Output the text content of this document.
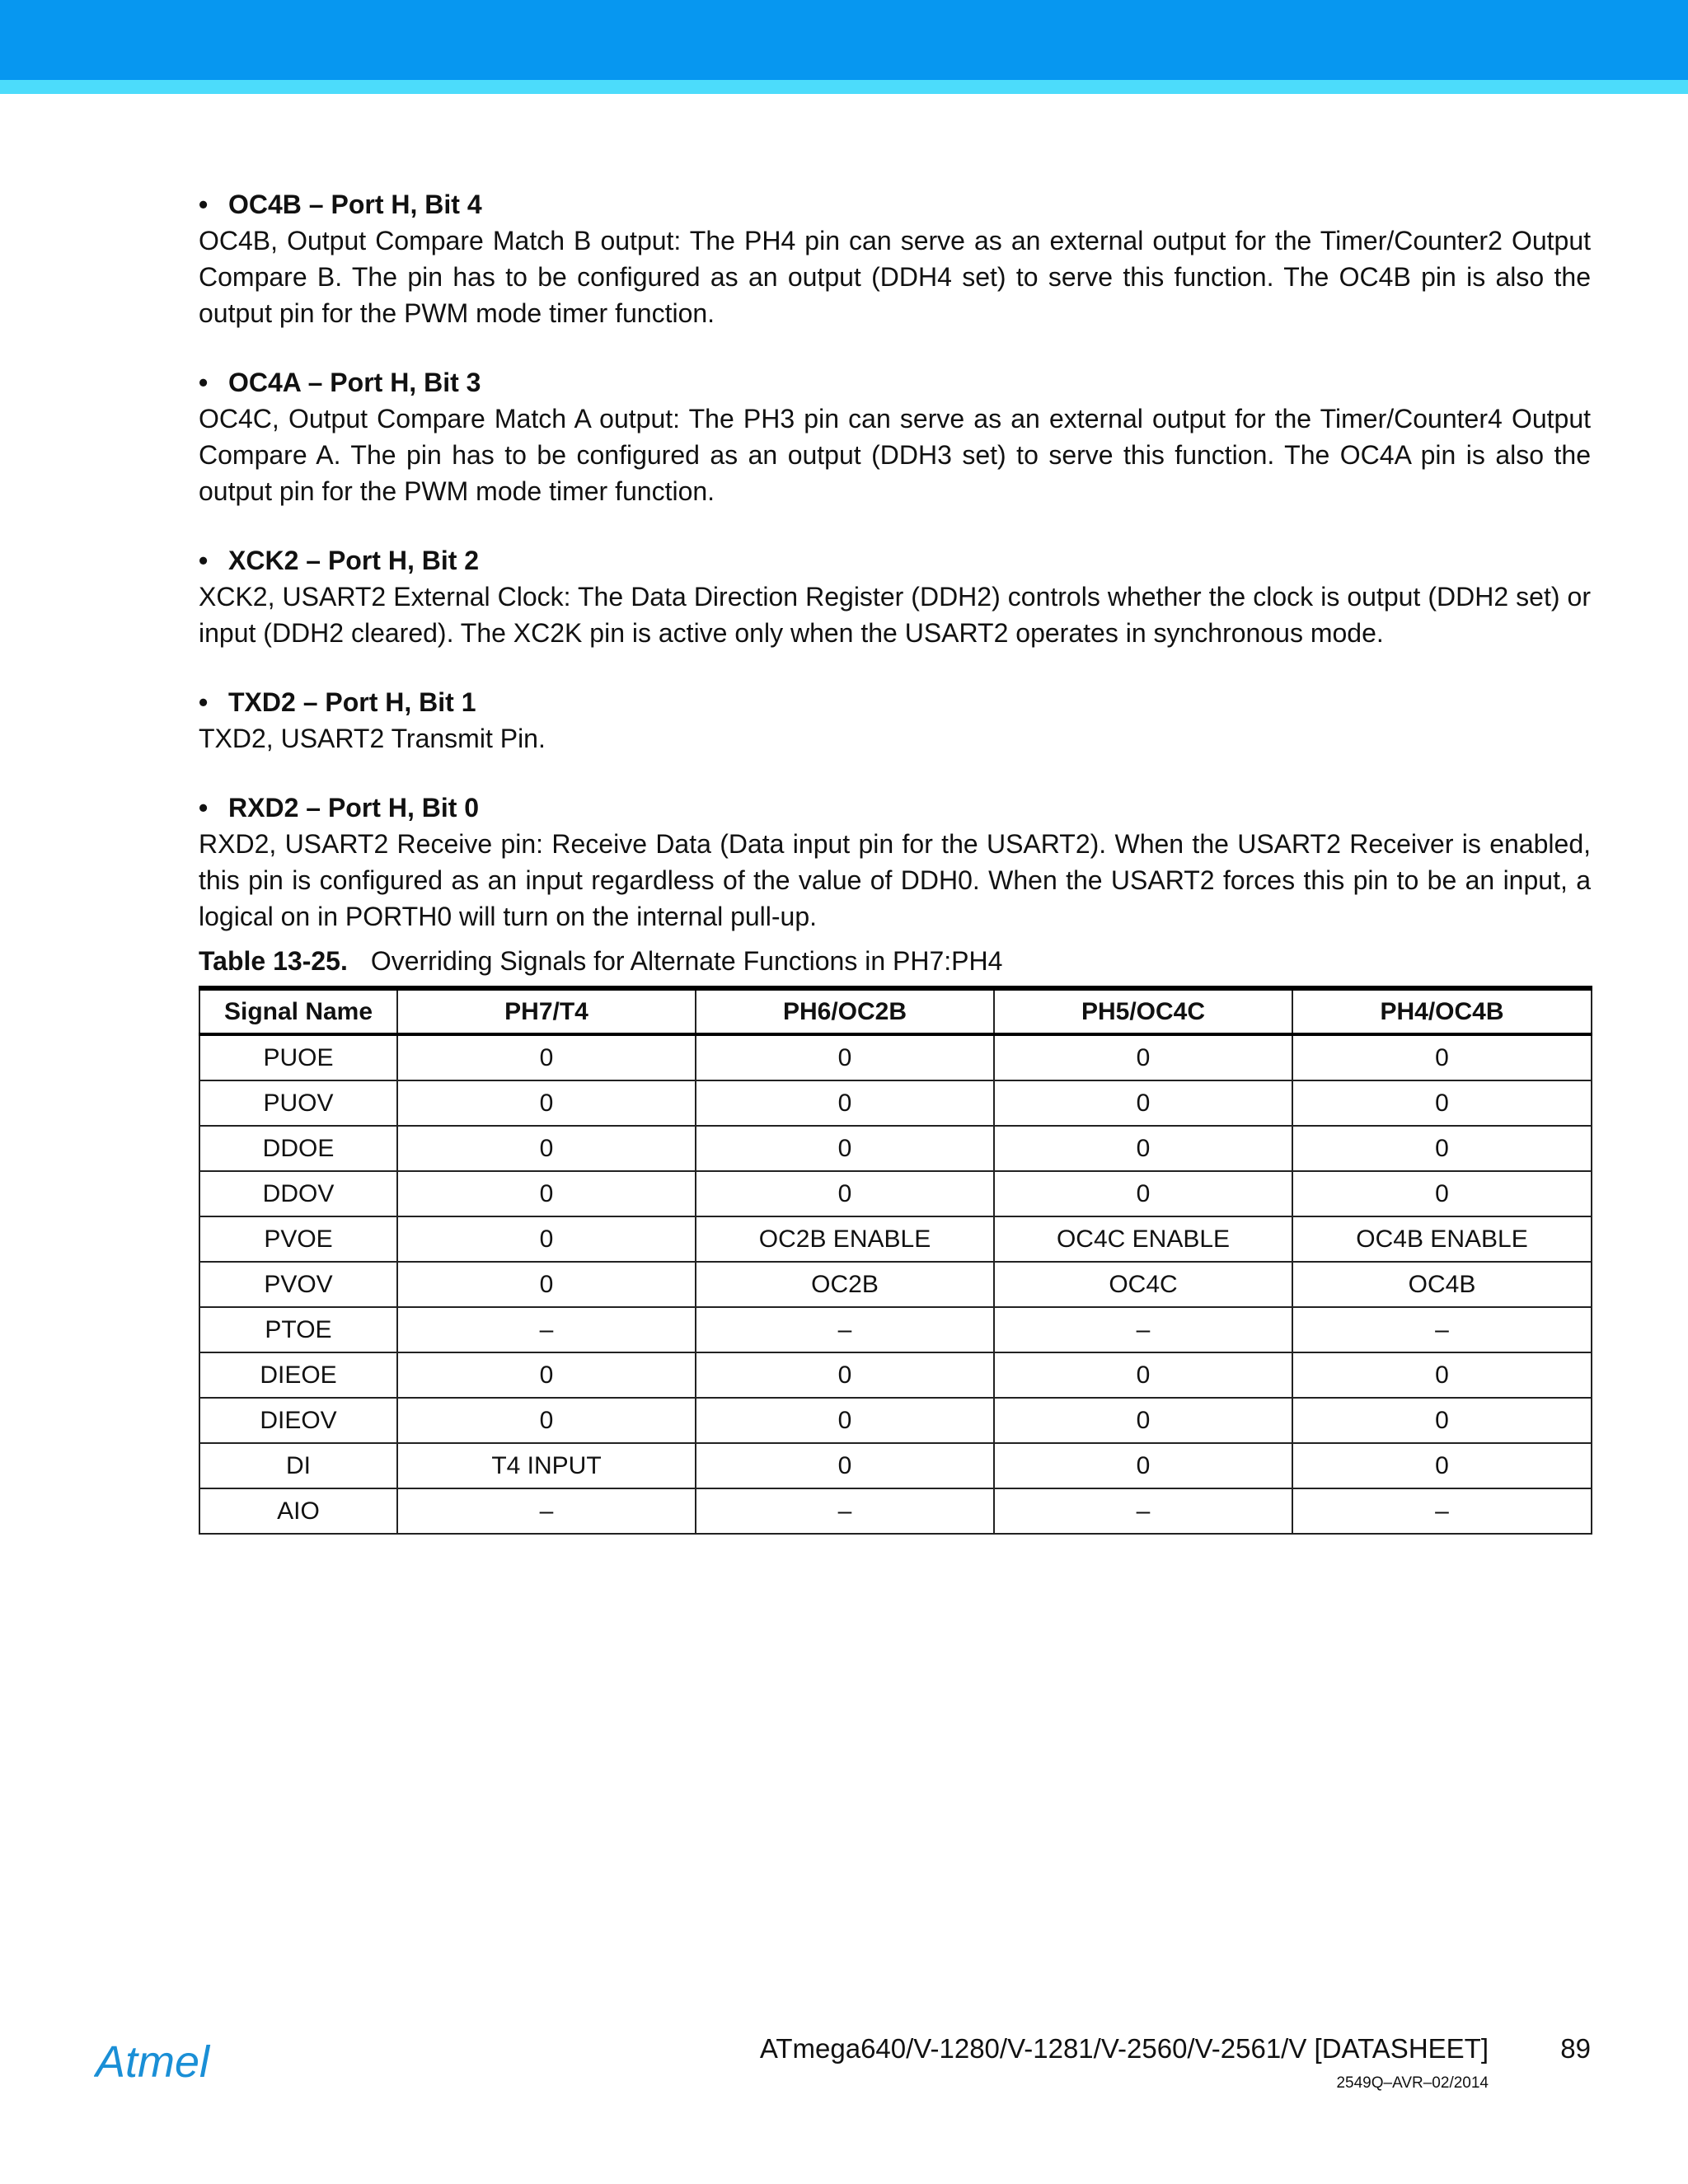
• OC4B – Port H, Bit 4

OC4B, Output Compare Match B output: The PH4 pin can serve as an external output for the Timer/Counter2 Output Compare B. The pin has to be configured as an output (DDH4 set) to serve this function. The OC4B pin is also the output pin for the PWM mode timer function.

• OC4A – Port H, Bit 3

OC4C, Output Compare Match A output: The PH3 pin can serve as an external output for the Timer/Counter4 Output Compare A. The pin has to be configured as an output (DDH3 set) to serve this function. The OC4A pin is also the output pin for the PWM mode timer function.

• XCK2 – Port H, Bit 2

XCK2, USART2 External Clock: The Data Direction Register (DDH2) controls whether the clock is output (DDH2 set) or input (DDH2 cleared). The XC2K pin is active only when the USART2 operates in synchronous mode.

• TXD2 – Port H, Bit 1

TXD2, USART2 Transmit Pin.

• RXD2 – Port H, Bit 0

RXD2, USART2 Receive pin: Receive Data (Data input pin for the USART2). When the USART2 Receiver is enabled, this pin is configured as an input regardless of the value of DDH0. When the USART2 forces this pin to be an input, a logical on in PORTH0 will turn on the internal pull-up.

Table 13-25. Overriding Signals for Alternate Functions in PH7:PH4
Signal Name	PH7/T4	PH6/OC2B	PH5/OC4C	PH4/OC4B
PUOE	0	0	0	0
PUOV	0	0	0	0
DDOE	0	0	0	0
DDOV	0	0	0	0
PVOE	0	OC2B ENABLE	OC4C ENABLE	OC4B ENABLE
PVOV	0	OC2B	OC4C	OC4B
PTOE	–	–	–	–
DIEOE	0	0	0	0
DIEOV	0	0	0	0
DI	T4 INPUT	0	0	0
AIO	–	–	–	–
Atmel	ATmega640/V-1280/V-1281/V-2560/V-2561/V [DATASHEET]	89
2549Q–AVR–02/2014
